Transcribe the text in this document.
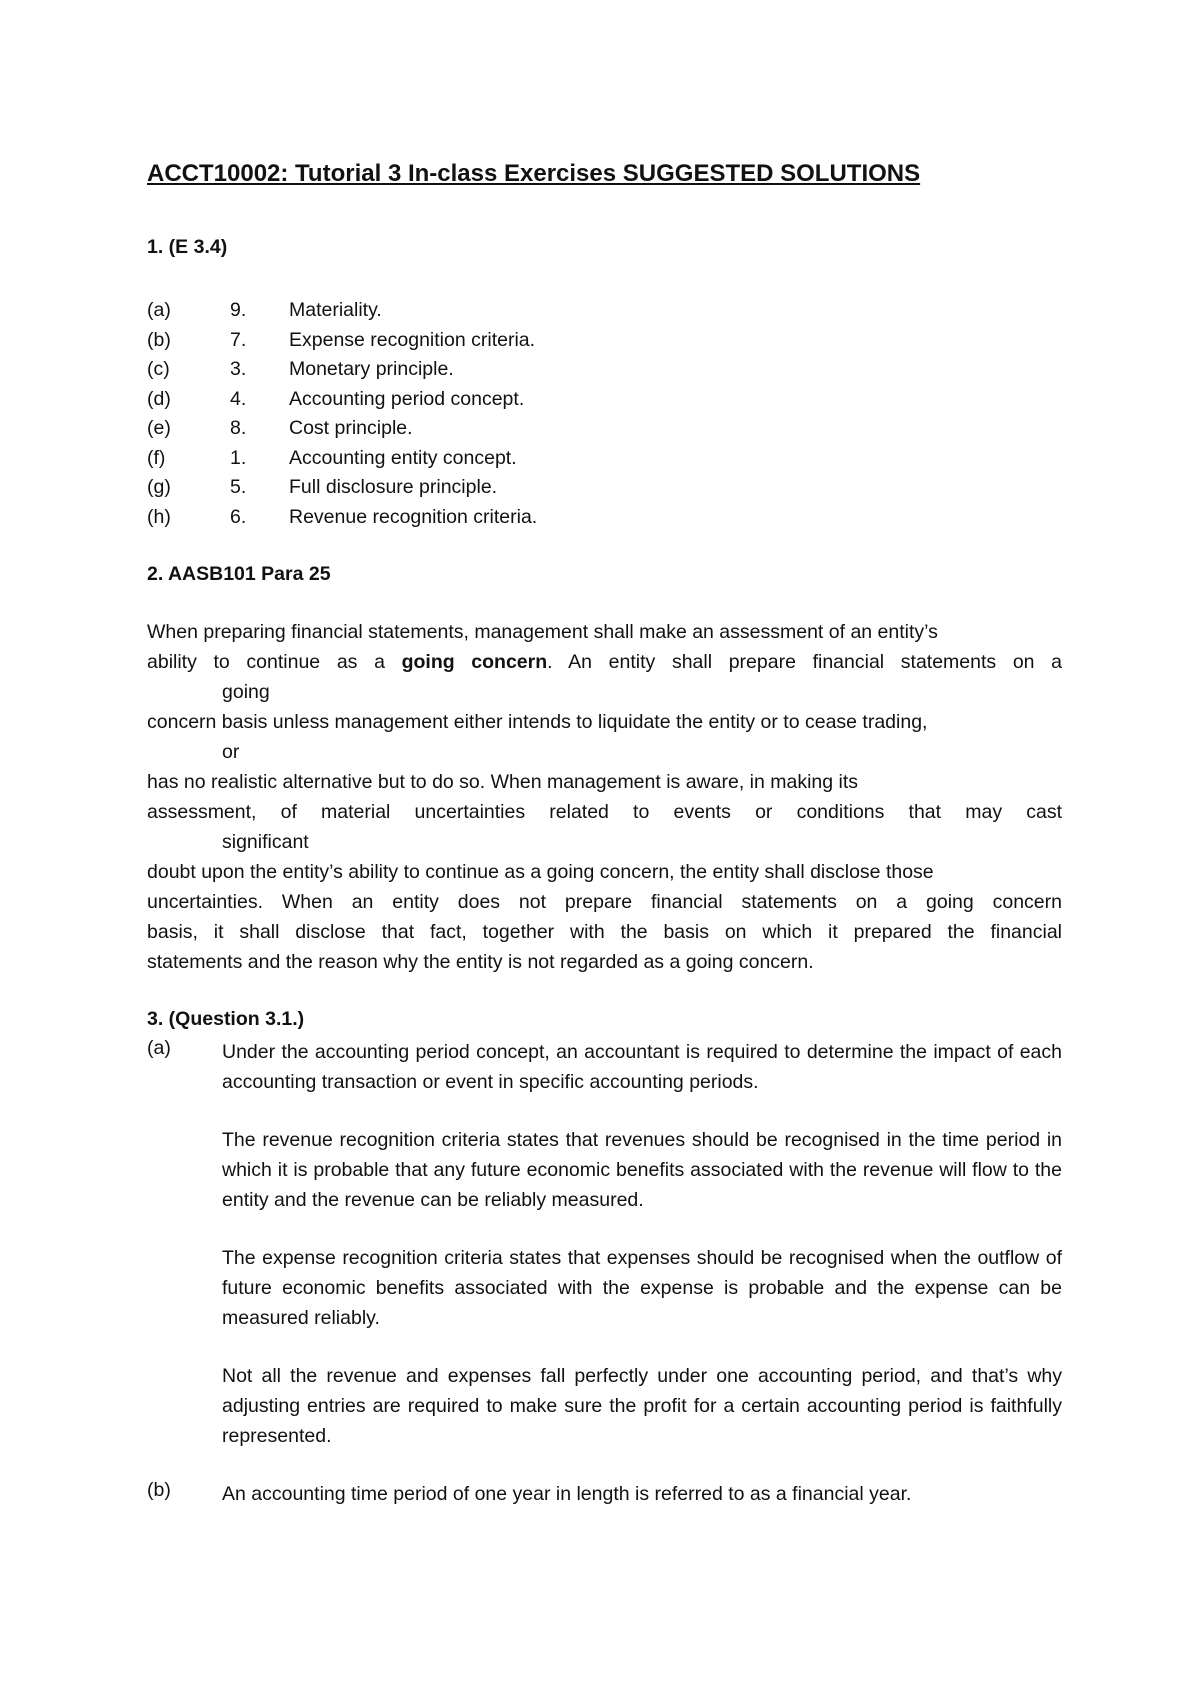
ACCT10002: Tutorial 3 In-class Exercises SUGGESTED SOLUTIONS
1. (E 3.4)
(a)	9. Materiality.
(b)	7. Expense recognition criteria.
(c)	3. Monetary principle.
(d)	4. Accounting period concept.
(e)	8. Cost principle.
(f)	1. Accounting entity concept.
(g)	5. Full disclosure principle.
(h)	6. Revenue recognition criteria.
2. AASB101 Para 25
When preparing financial statements, management shall make an assessment of an entity’s
ability to continue as a going concern. An entity shall prepare financial statements on a
going
concern basis unless management either intends to liquidate the entity or to cease trading,
or
has no realistic alternative but to do so. When management is aware, in making its
assessment, of material uncertainties related to events or conditions that may cast
significant
doubt upon the entity’s ability to continue as a going concern, the entity shall disclose those
uncertainties. When an entity does not prepare financial statements on a going concern
basis, it shall disclose that fact, together with the basis on which it prepared the financial
statements and the reason why the entity is not regarded as a going concern.
3. (Question 3.1.)
(a)	Under the accounting period concept, an accountant is required to determine the impact of each accounting transaction or event in specific accounting periods.
The revenue recognition criteria states that revenues should be recognised in the time period in which it is probable that any future economic benefits associated with the revenue will flow to the entity and the revenue can be reliably measured.
The expense recognition criteria states that expenses should be recognised when the outflow of future economic benefits associated with the expense is probable and the expense can be measured reliably.
Not all the revenue and expenses fall perfectly under one accounting period, and that’s why adjusting entries are required to make sure the profit for a certain accounting period is faithfully represented.
(b)	An accounting time period of one year in length is referred to as a financial year.
